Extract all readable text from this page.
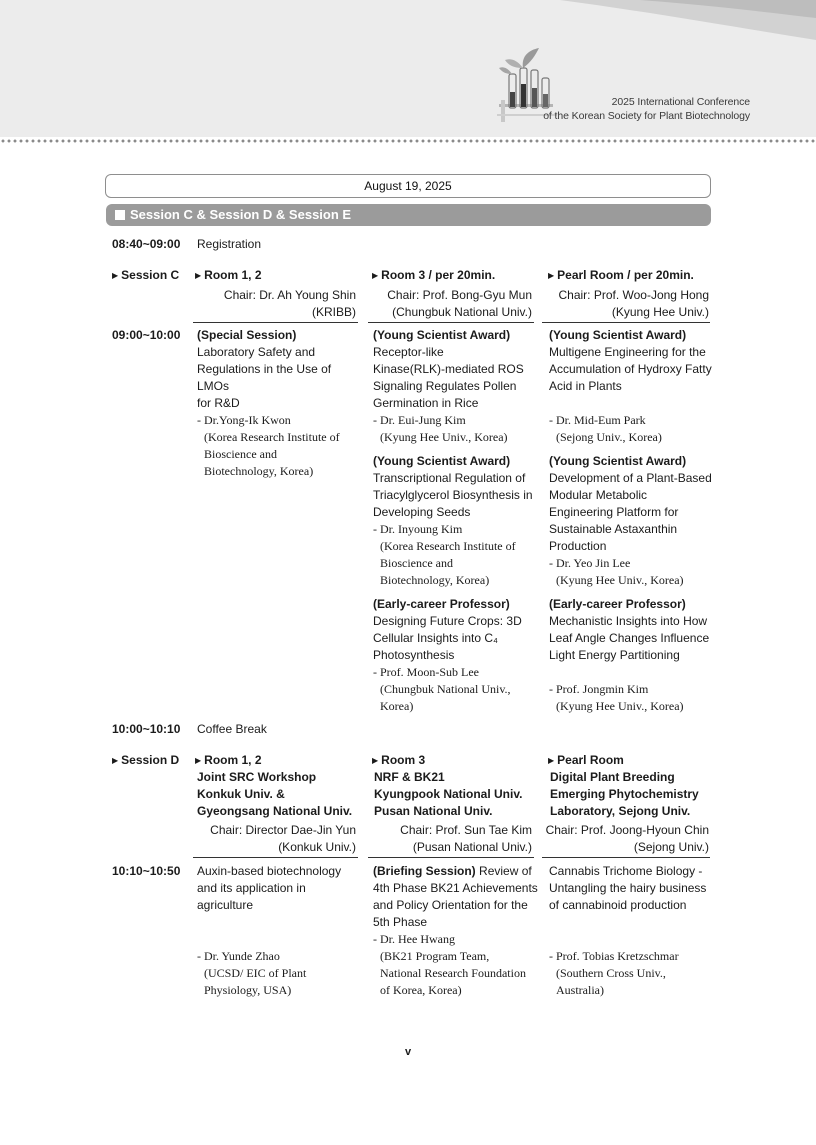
2025 International Conference
of the Korean Society for Plant Biotechnology
August 19, 2025
Session C & Session D & Session E
08:40~09:00 Registration
▶ Session C ▶ Room 1, 2	▶ Room 3 / per 20min.	▶ Pearl Room / per 20min.
Chair: Dr. Ah Young Shin
(KRIBB)
Chair: Prof. Bong-Gyu Mun
(Chungbuk National Univ.)
Chair: Prof. Woo-Jong Hong
(Kyung Hee Univ.)
09:00~10:00 (Special Session)
Laboratory Safety and
Regulations in the Use of LMOs
for R&D
- Dr.Yong-Ik Kwon
(Korea Research Institute of
Bioscience and
Biotechnology, Korea)
(Young Scientist Award)
Receptor-like
Kinase(RLK)-mediated ROS
Signaling Regulates Pollen
Germination in Rice
- Dr. Eui-Jung Kim
(Kyung Hee Univ., Korea)
(Young Scientist Award)
Transcriptional Regulation of
Triacylglycerol Biosynthesis in
Developing Seeds
- Dr. Inyoung Kim
(Korea Research Institute of
Bioscience and
Biotechnology, Korea)
(Early-career Professor)
Designing Future Crops: 3D
Cellular Insights into C₄
Photosynthesis
- Prof. Moon-Sub Lee
(Chungbuk National Univ.,
Korea)
(Young Scientist Award)
Multigene Engineering for the
Accumulation of Hydroxy Fatty
Acid in Plants
- Dr. Mid-Eum Park
(Sejong Univ., Korea)
(Young Scientist Award)
Development of a Plant-Based
Modular Metabolic
Engineering Platform for
Sustainable Astaxanthin
Production
- Dr. Yeo Jin Lee
(Kyung Hee Univ., Korea)
(Early-career Professor)
Mechanistic Insights into How
Leaf Angle Changes Influence
Light Energy Partitioning
- Prof. Jongmin Kim
(Kyung Hee Univ., Korea)
10:00~10:10 Coffee Break
▶ Session D ▶ Room 1, 2
Joint SRC Workshop
Konkuk Univ. &
Gyeongsang National Univ.
▶ Room 3
NRF & BK21
Kyungpook National Univ.
Pusan National Univ.
▶ Pearl Room
Digital Plant Breeding
Emerging Phytochemistry
Laboratory, Sejong Univ.
Chair: Director Dae-Jin Yun
(Konkuk Univ.)
Chair: Prof. Sun Tae Kim
(Pusan National Univ.)
Chair: Prof. Joong-Hyoun Chin
(Sejong Univ.)
10:10~10:50 Auxin-based biotechnology
and its application in
agriculture
- Dr. Yunde Zhao
(UCSD/ EIC of Plant
Physiology, USA)
(Briefing Session) Review of
4th Phase BK21 Achievements
and Policy Orientation for the
5th Phase
- Dr. Hee Hwang
(BK21 Program Team,
National Research Foundation
of Korea, Korea)
Cannabis Trichome Biology -
Untangling the hairy business
of cannabinoid production
- Prof. Tobias Kretzschmar
(Southern Cross Univ.,
Australia)
v
